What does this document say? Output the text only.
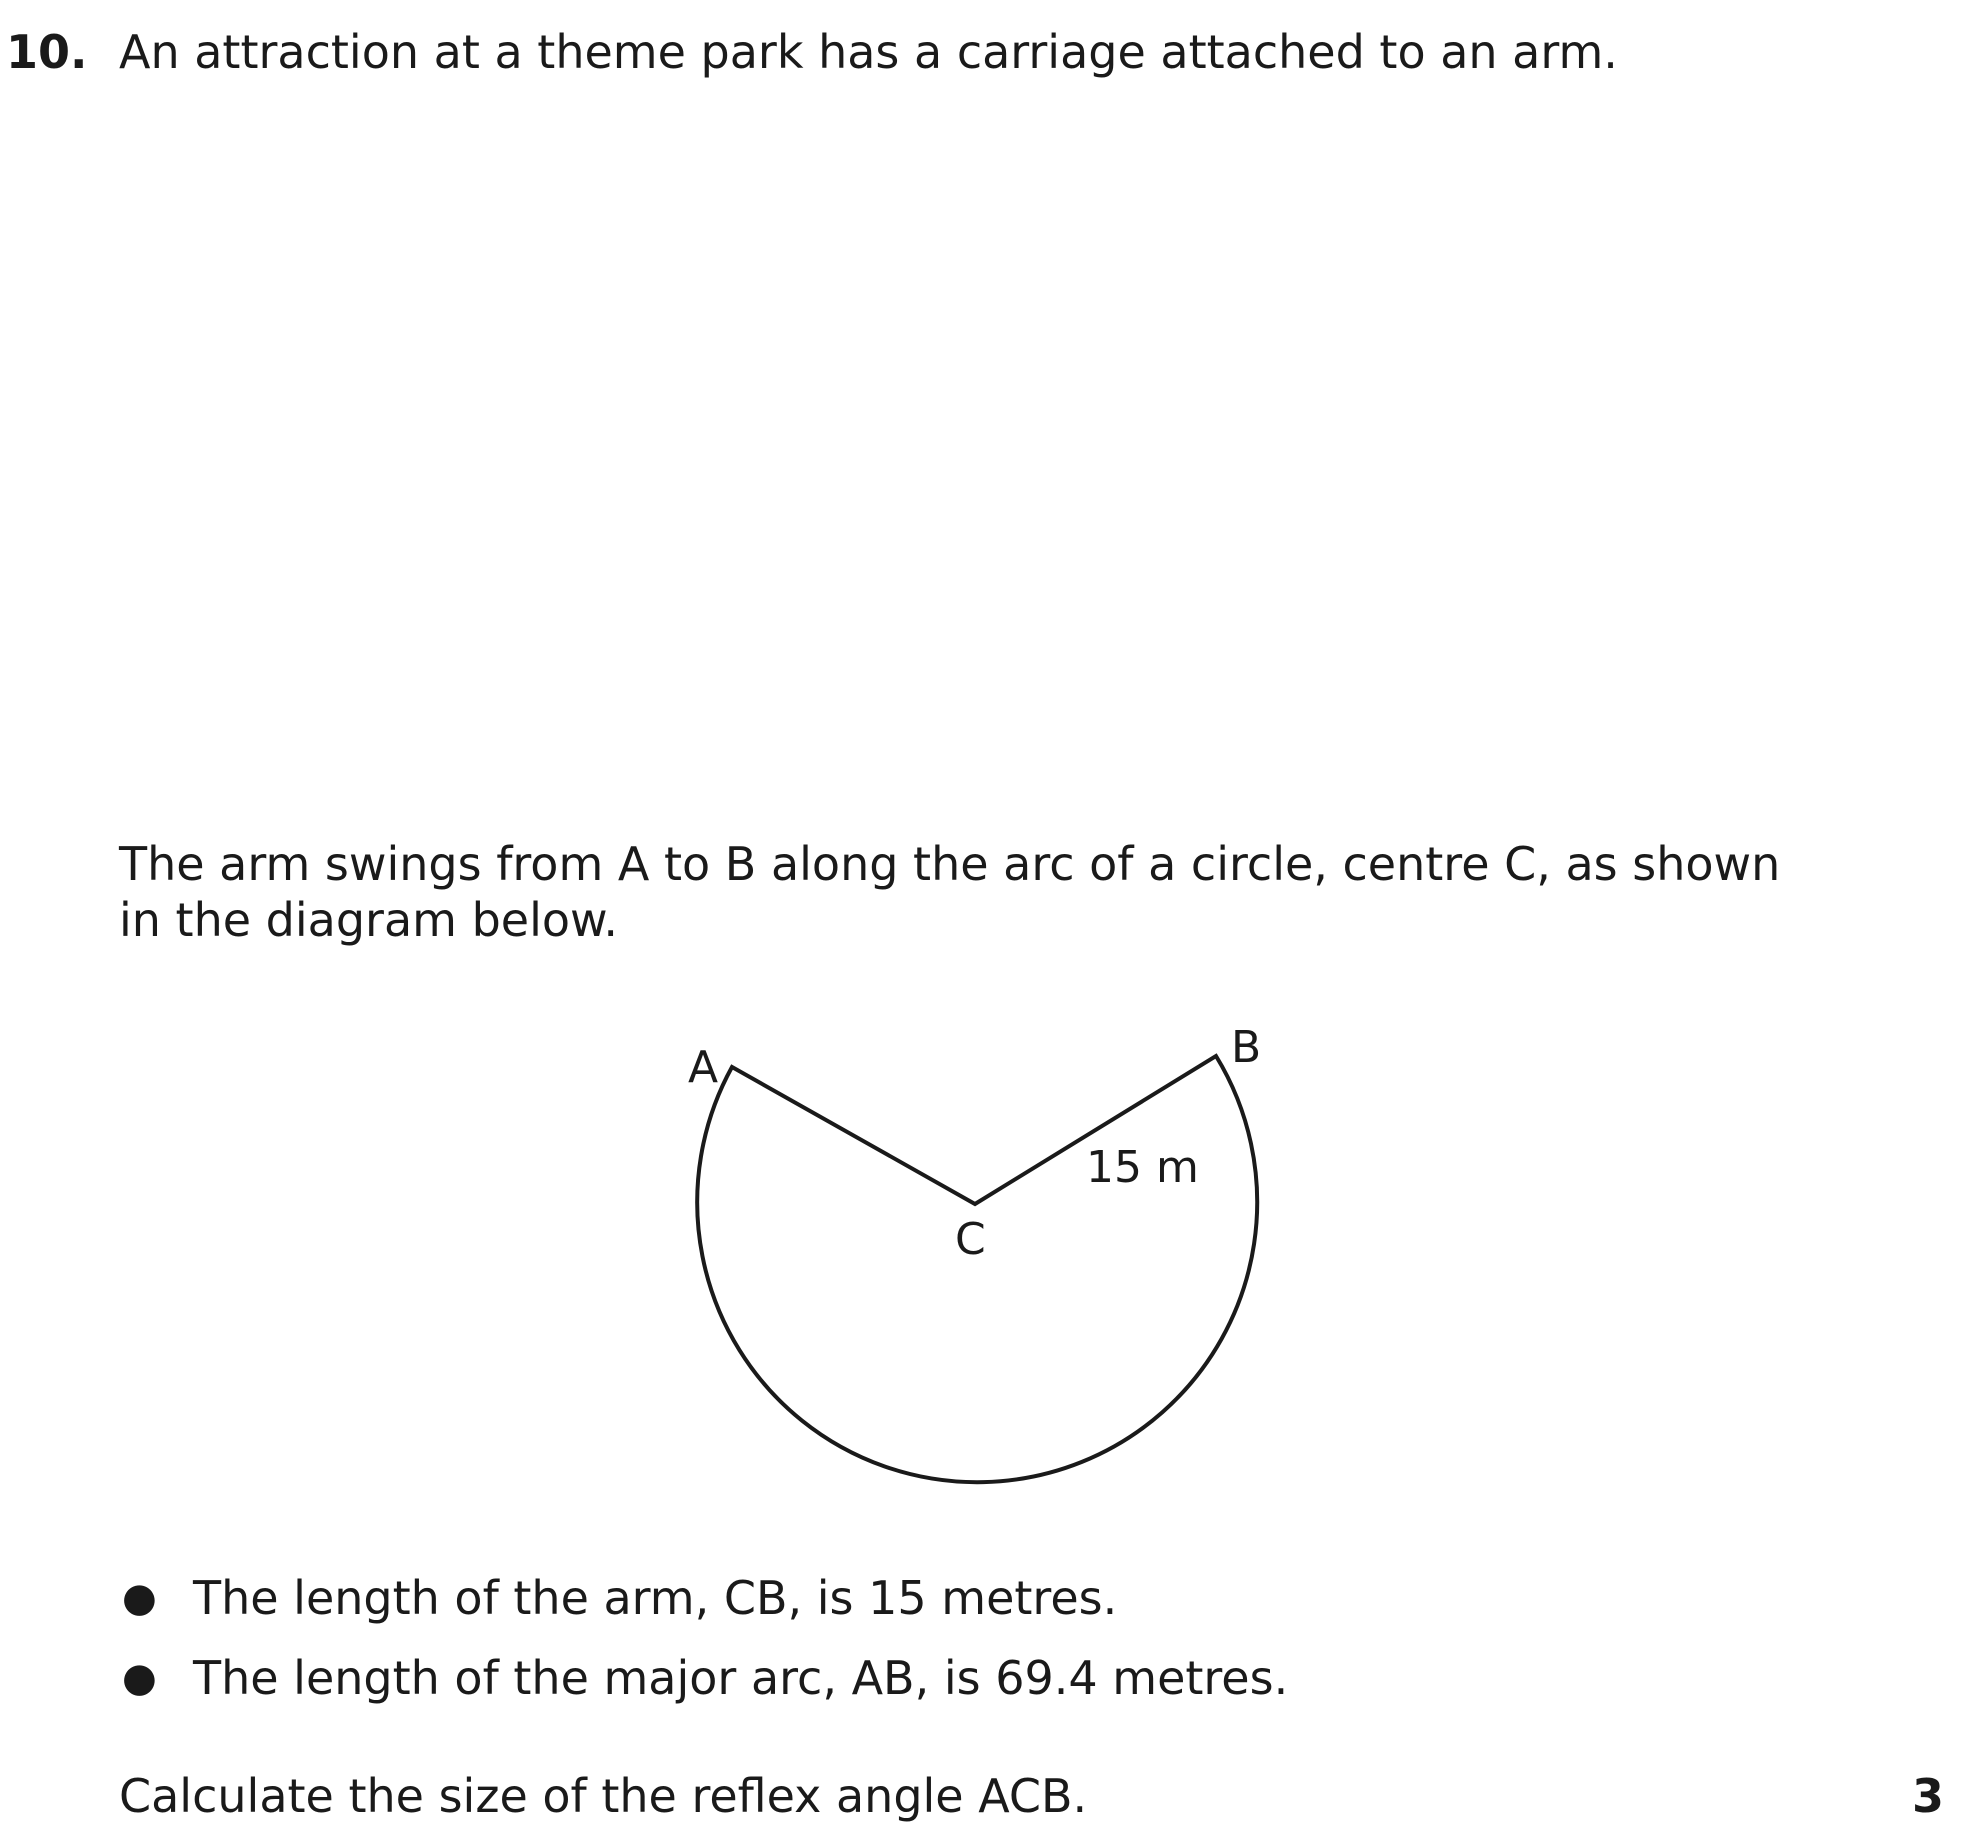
10. An attraction at a theme park has a carriage attached to an arm.
The arm swings from A to B along the arc of a circle, centre C, as shown in the diagram below.
A	B
C
15 m
● The length of the arm, CB, is 15 metres.
● The length of the major arc, AB, is 69.4 metres.
Calculate the size of the reflex angle ACB.	3
